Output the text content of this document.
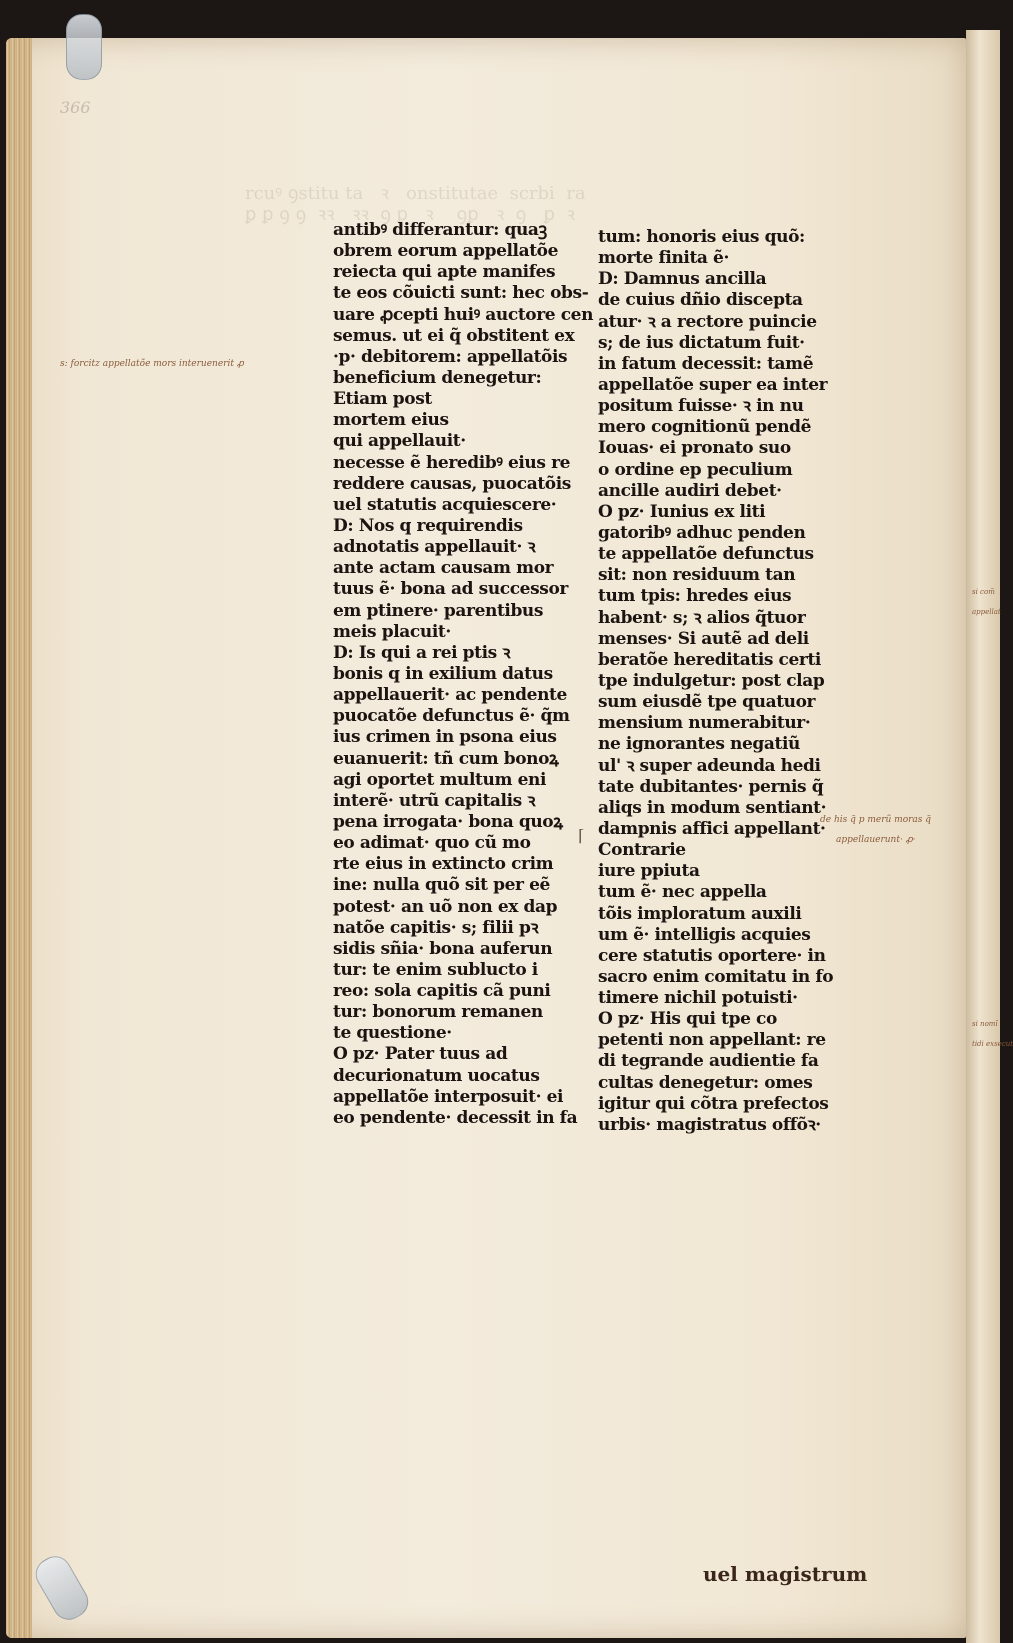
366
antibꝰ differantur: quaꝫ
obrem eorum appellatõe
reiecta qui apte manifes
te eos cõuicti sunt: hec obs-
uare ꝓcepti huiꝰ auctore cen
semus. ut ei q̃ obstitent ex
·p· debitorem: appellatõis
beneficium denegetur:
Etiam post
mortem eius
qui appellauit·
necesse ẽ heredibꝰ eius re
reddere causas, puocatõis
uel statutis acquiescere·
D: Nos q requirendis
adnotatis appellauit· ꝛ
ante actam causam mor
tuus ẽ· bona ad successor
em ptinere· parentibus
meis placuit·
D: Is qui a rei ptis ꝛ
bonis q in exilium datus
appellauerit· ac pendente
puocatõe defunctus ẽ· q̃m
ius crimen in psona eius
euanuerit: tñ cum bonoꝝ
agi oportet multum eni
interẽ· utrũ capitalis ꝛ
pena irrogata· bona quoꝝ
eo adimat· quo cũ mo
rte eius in extincto crim
ine: nulla quõ sit per eẽ
potest· an uõ non ex dap
natõe capitis· s; filii pꝛ
sidis sñia· bona auferun
tur: te enim sublucto i
reo: sola capitis cã puni
tur: bonorum remanen
te questione·
O pz· Pater tuus ad
decurionatum uocatus
appellatõe interposuit· ei
eo pendente· decessit in fa
tum: honoris eius quõ:
morte finita ẽ·
D: Damnus ancilla
de cuius dñio discepta
atur· ꝛ a rectore puincie
s; de ius dictatum fuit·
in fatum decessit: tamẽ
appellatõe super ea inter
positum fuisse· ꝛ in nu
mero cognitionũ pendẽ
Iouas· ei pronato suo
o ordine ep peculium
ancille audiri debet·
O pz· Iunius ex liti
gatoribꝰ adhuc penden
te appellatõe defunctus
sit: non residuum tan
tum tpis: hredes eius
habent· s; ꝛ alios q̃tuor
menses· Si autẽ ad deli
beratõe hereditatis certi
tpe indulgetur: post clap
sum eiusdẽ tpe quatuor
mensium numerabitur·
ne ignorantes negatiũ
ul' ꝛ super adeunda hedi
tate dubitantes· pernis q̃
aliqs in modum sentiant·
dampnis affici appellant·
Contrarie
iure ppiuta
tum ẽ· nec appella
tõis imploratum auxili
um ẽ· intelligis acquies
cere statutis oportere· in
sacro enim comitatu in fo
timere nichil potuisti·
O pz· His qui tpe co
petenti non appellant: re
di tegrande audientie fa
cultas denegetur: omes
igitur qui cõtra prefectos
urbis· magistratus offõꝛ·
⌈
s: forcitz appellatõe mors interuenerit ꝓ
de his q̃ p merũ moras q̃
appellauerunt· ꝓ·
si com̃
appellat
si nomĩ
tidi exsecut
uel magistrum
